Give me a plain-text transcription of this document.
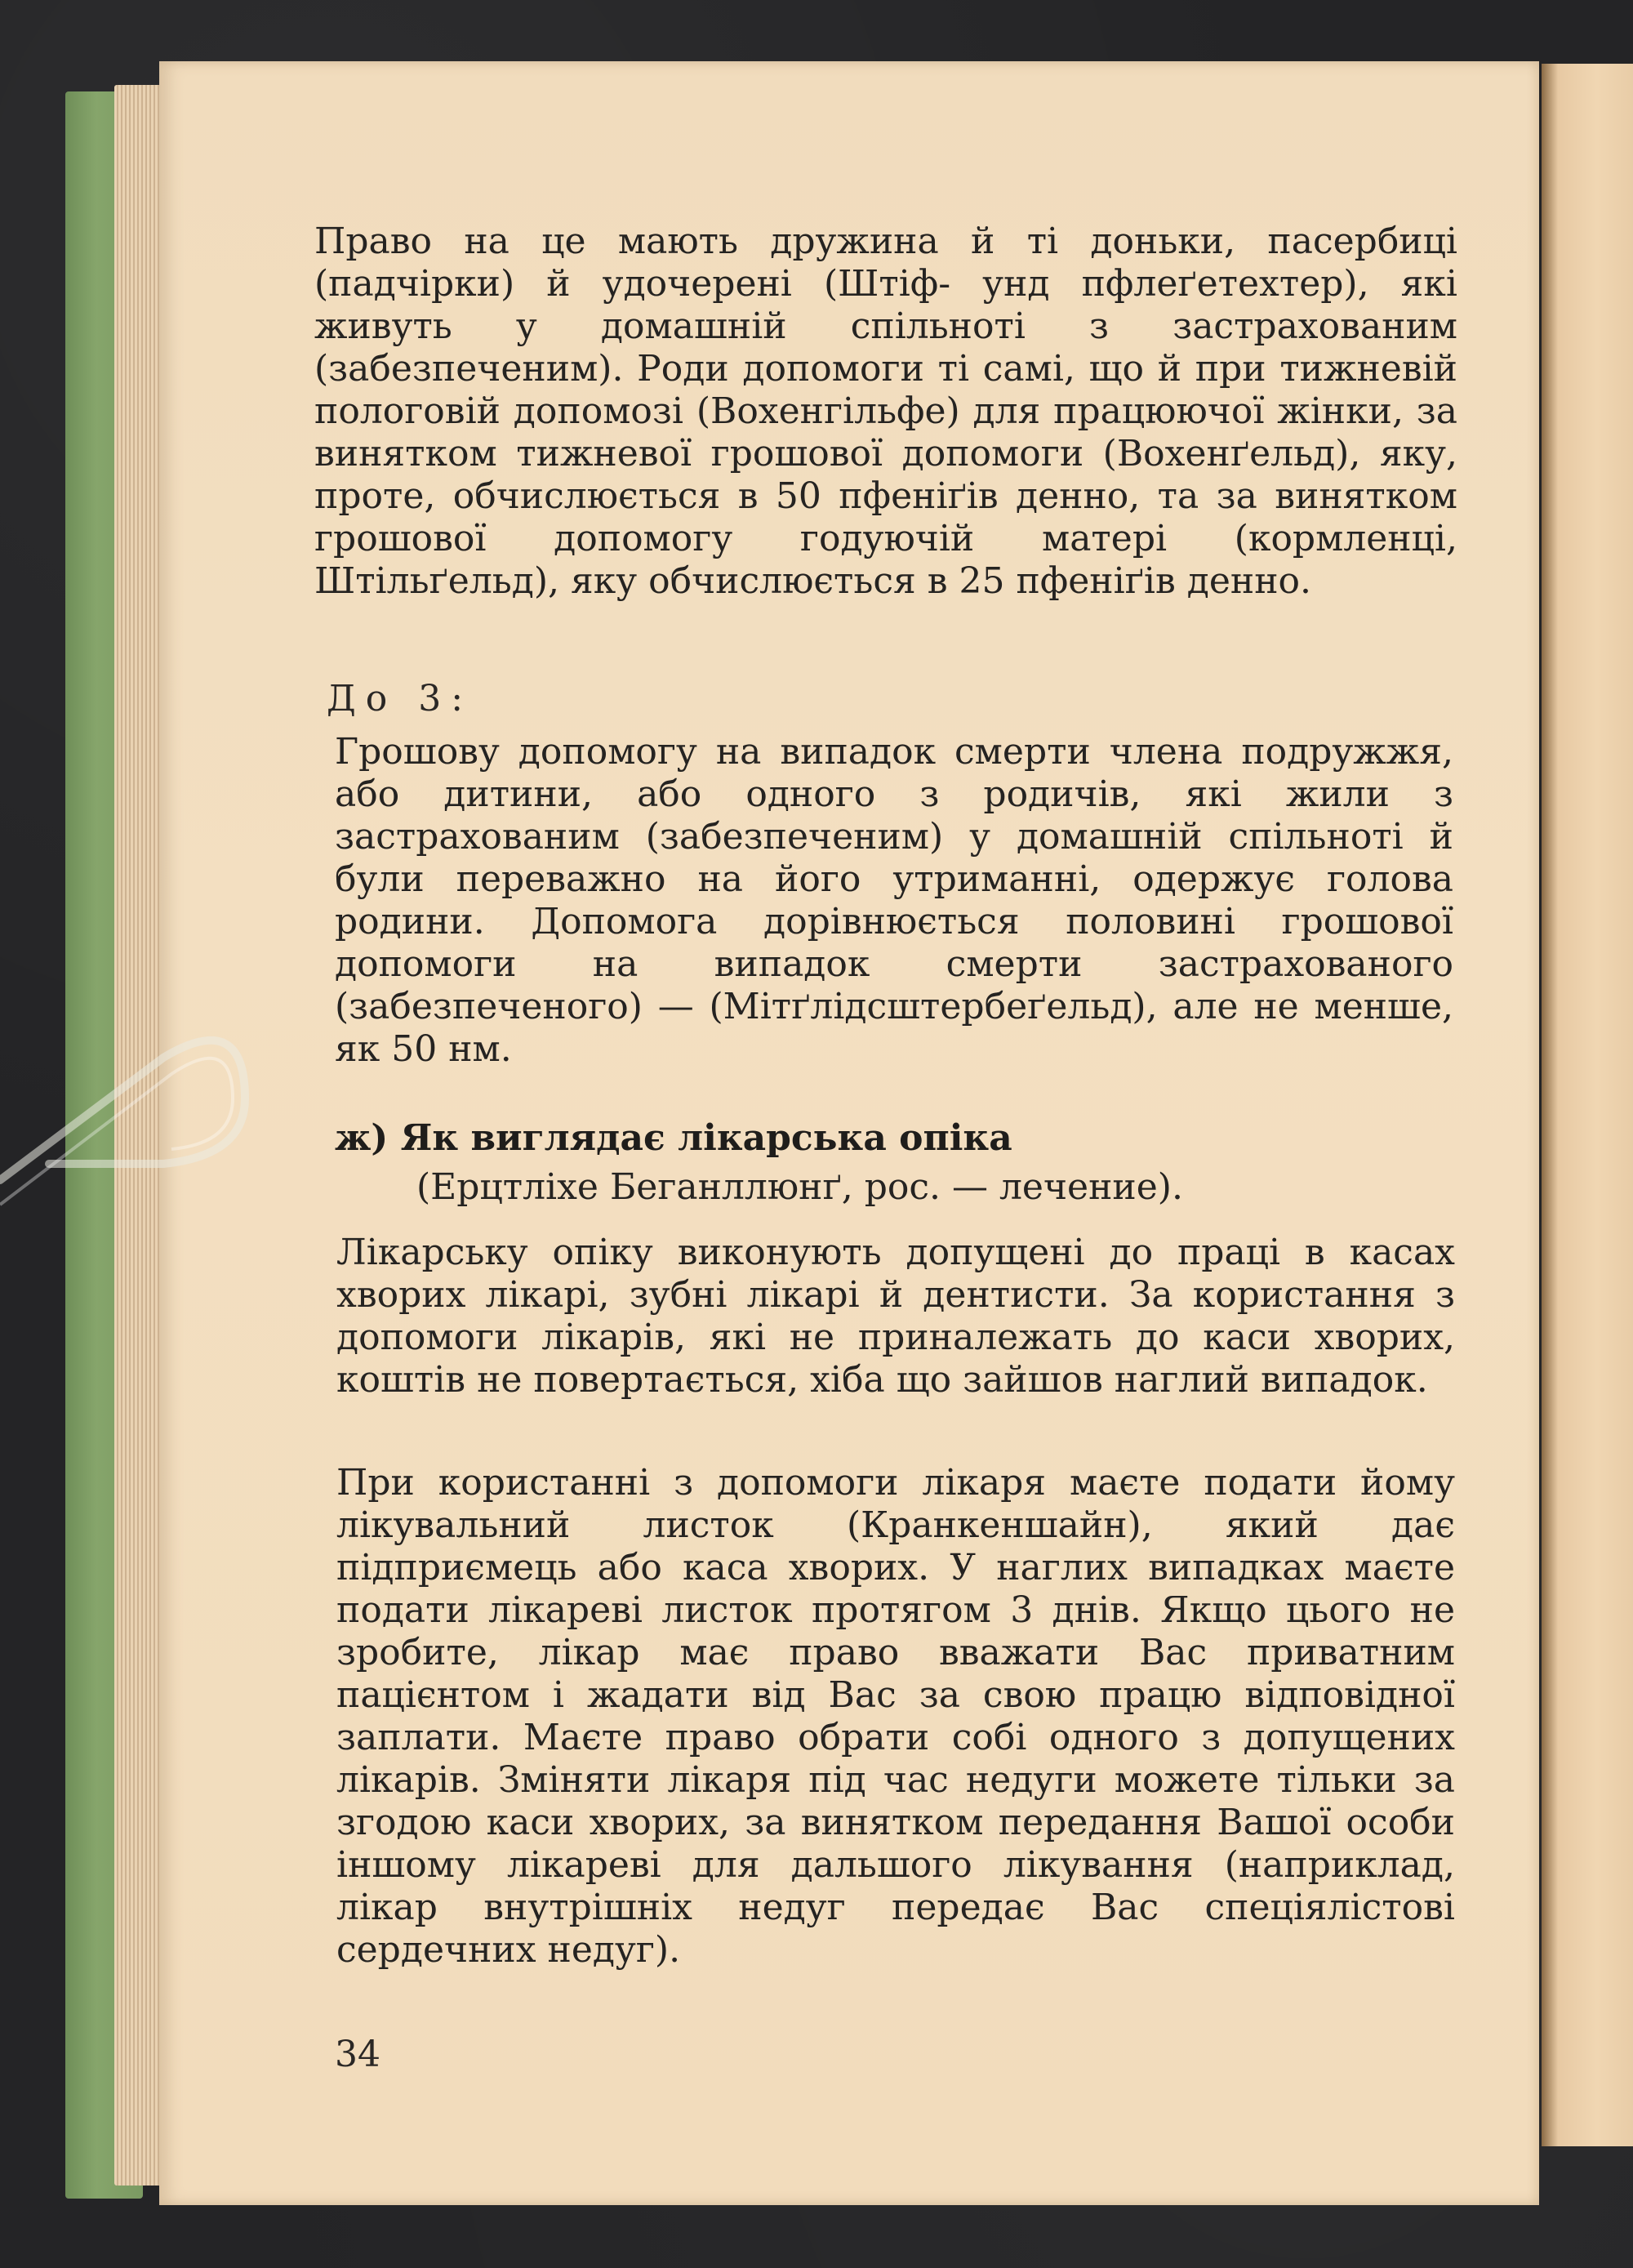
Право на це мають дружина й ті доньки, пасербиці (падчірки) й удочерені (Штіф- унд пфлеґетехтер), які живуть у домашній спільноті з застрахованим (забезпеченим). Роди допомоги ті самі, що й при тижневій пологовій допомозі (Вохенгільфе) для працюючої жінки, за винятком тижневої грошової допомоги (Вохенґельд), яку, проте, обчислюється в 50 пфеніґів денно, та за винятком грошової допомогу годуючій матері (кормленці, Штільґельд), яку обчислюється в 25 пфеніґів денно.

До 3:

Грошову допомогу на випадок смерти члена подружжя, або дитини, або одного з родичів, які жили з застрахованим (забезпеченим) у домашній спільноті й були переважно на його утриманні, одержує голова родини. Допомога дорівнюється половині грошової допомоги на випадок смерти застрахованого (забезпеченого) — (Мітґлідсштербеґельд), але не менше, як 50 нм.

ж) Як виглядає лікарська опіка
(Ерцтліхе Беганллюнґ, рос. — лечение).

Лікарську опіку виконують допущені до праці в касах хворих лікарі, зубні лікарі й дентисти. За користання з допомоги лікарів, які не приналежать до каси хворих, коштів не повертається, хіба що зайшов наглий випадок.

При користанні з допомоги лікаря маєте подати йому лікувальний листок (Кранкеншайн), який дає підприємець або каса хворих. У наглих випадках маєте подати лікареві листок протягом 3 днів. Якщо цього не зробите, лікар має право вважати Вас приватним пацієнтом і жадати від Вас за свою працю відповідної заплати. Маєте право обрати собі одного з допущених лікарів. Зміняти лікаря під час недуги можете тільки за згодою каси хворих, за винятком передання Вашої особи іншому лікареві для дальшого лікування (наприклад, лікар внутрішніх недуг передає Вас спеціялістові сердечних недуг).

34
